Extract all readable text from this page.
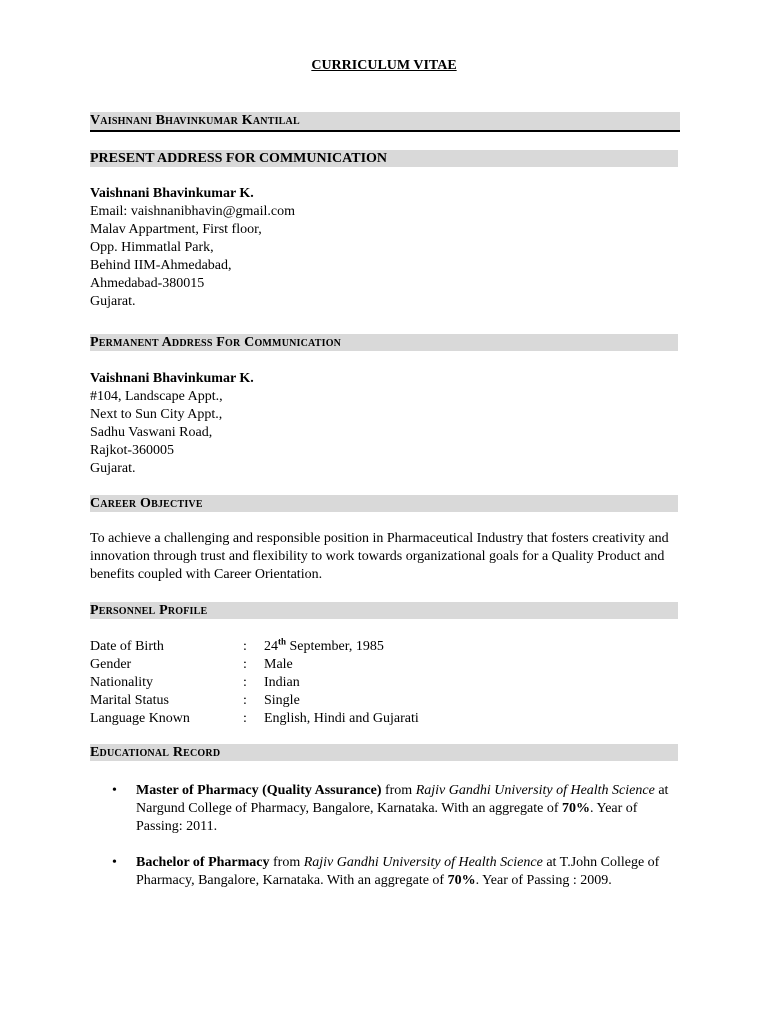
CURRICULUM VITAE
Vaishnani Bhavinkumar Kantilal
PRESENT ADDRESS FOR COMMUNICATION
Vaishnani Bhavinkumar K.
Email: vaishnanibhavin@gmail.com
Malav Appartment, First floor,
Opp. Himmatlal Park,
Behind IIM-Ahmedabad,
Ahmedabad-380015
Gujarat.
Permanent Address For Communication
Vaishnani Bhavinkumar K.
#104, Landscape Appt.,
Next to Sun City Appt.,
Sadhu Vaswani Road,
Rajkot-360005
Gujarat.
Career Objective
To achieve a challenging and responsible position in Pharmaceutical Industry that fosters creativity and innovation through trust and flexibility to work towards organizational goals for a Quality Product and benefits coupled with Career Orientation.
Personnel Profile
Date of Birth	: 24th September, 1985
Gender	: Male
Nationality	: Indian
Marital Status	: Single
Language Known	: English, Hindi and Gujarati
Educational Record
• Master of Pharmacy (Quality Assurance) from Rajiv Gandhi University of Health Science at Nargund College of Pharmacy, Bangalore, Karnataka. With an aggregate of 70%. Year of Passing: 2011.
• Bachelor of Pharmacy from Rajiv Gandhi University of Health Science at T.John College of Pharmacy, Bangalore, Karnataka. With an aggregate of 70%. Year of Passing : 2009.
